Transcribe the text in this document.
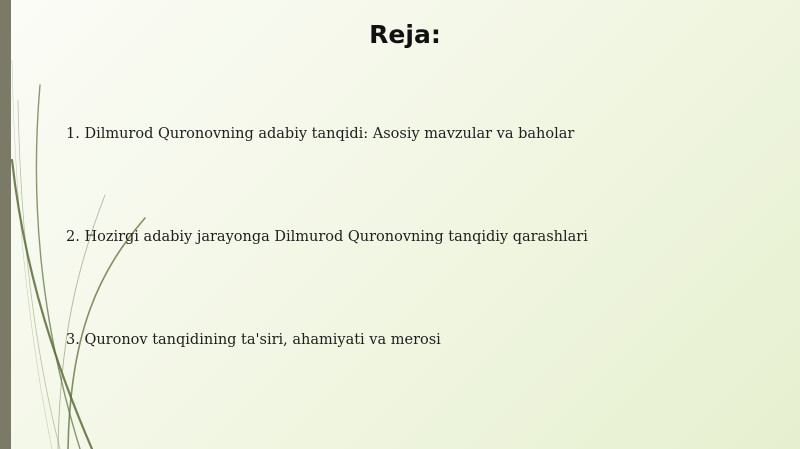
Reja:
1. Dilmurod Quronovning adabiy tanqidi: Asosiy mavzular va baholar
2. Hozirgi adabiy jarayonga Dilmurod Quronovning tanqidiy qarashlari
3. Quronov tanqidining ta'siri, ahamiyati va merosi
